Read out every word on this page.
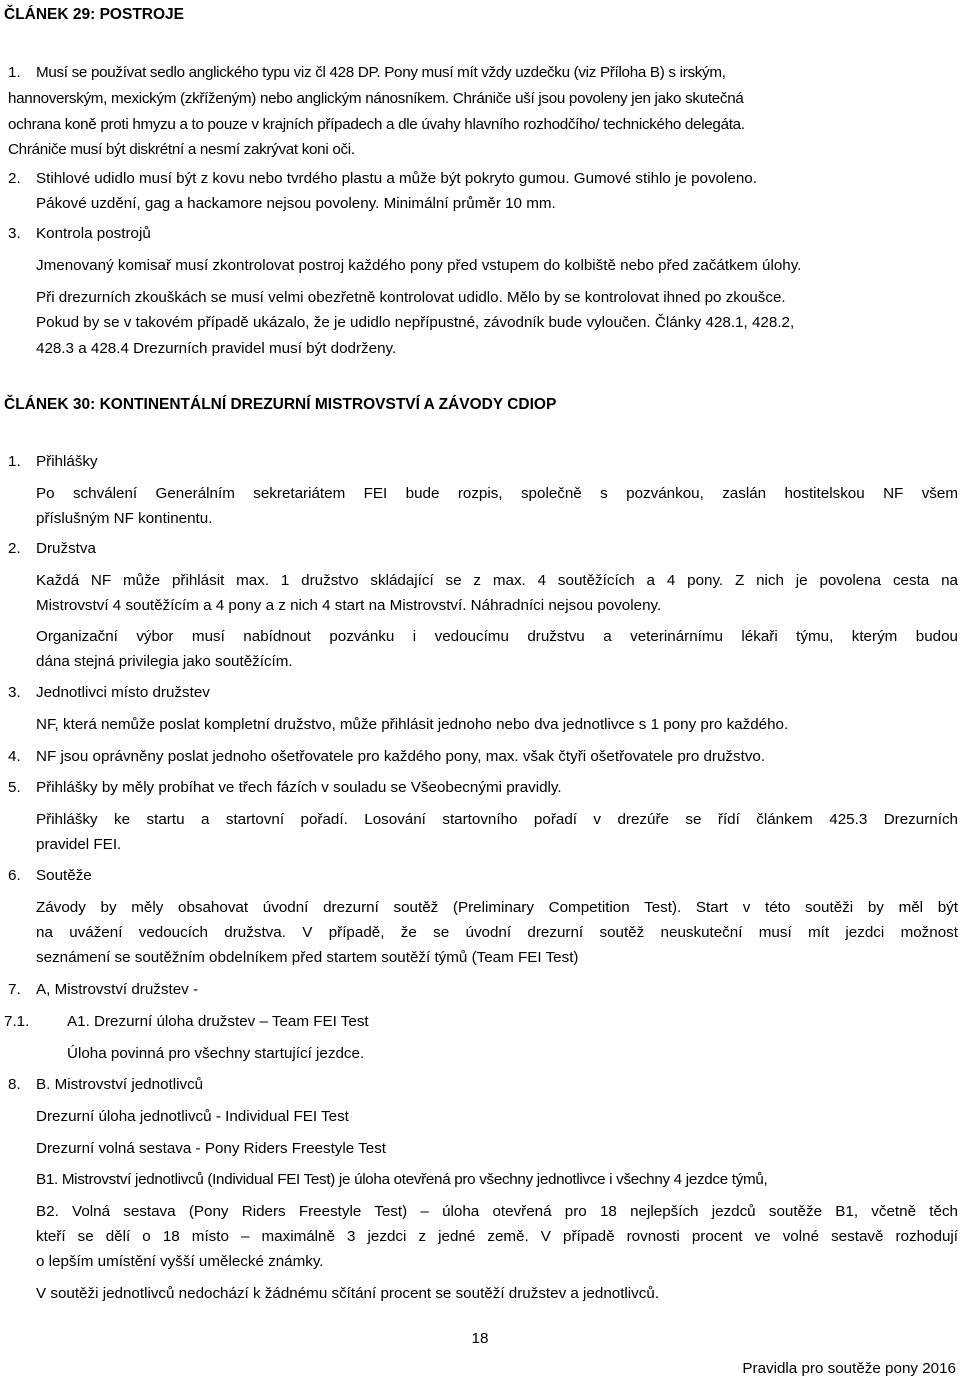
ČLÁNEK 29: POSTROJE
1. Musí se používat sedlo anglického typu viz čl 428 DP. Pony musí mít vždy uzdečku (viz Příloha B) s irským,
hannoverským, mexickým (zkříženým) nebo anglickým nánosníkem. Chrániče uší jsou povoleny jen jako skutečná
ochrana koně proti hmyzu a to pouze v krajních případech a dle úvahy hlavního rozhodčího/ technického delegáta.
Chrániče musí být diskrétní a nesmí zakrývat koni oči.
2. Stihlové udidlo musí být z kovu nebo tvrdého plastu a může být pokryto gumou. Gumové stihlo je povoleno.
Pákové uzdění, gag a hackamore nejsou povoleny. Minimální průměr 10 mm.
3. Kontrola postrojů
Jmenovaný komisař musí zkontrolovat postroj každého pony před vstupem do kolbiště nebo před začátkem úlohy.
Při drezurních zkouškách se musí velmi obezřetně kontrolovat udidlo. Mělo by se kontrolovat ihned po zkoušce.
Pokud by se v takovém případě ukázalo, že je udidlo nepřípustné, závodník bude vyloučen. Články 428.1, 428.2,
428.3 a 428.4 Drezurních pravidel musí být dodrženy.
ČLÁNEK 30: KONTINENTÁLNÍ DREZURNÍ MISTROVSTVÍ A ZÁVODY CDIOP
1. Přihlášky
Po schválení Generálním sekretariátem FEI bude rozpis, společně s pozvánkou, zaslán hostitelskou NF všem
příslušným NF kontinentu.
2. Družstva
Každá NF může přihlásit max. 1 družstvo skládající se z max. 4 soutěžících a 4 pony. Z nich je povolena cesta na
Mistrovství 4 soutěžícím a 4 pony a z nich 4 start na Mistrovství. Náhradníci nejsou povoleny.
Organizační výbor musí nabídnout pozvánku i vedoucímu družstvu a veterinárnímu lékaři týmu, kterým budou
dána stejná privilegia jako soutěžícím.
3. Jednotlivci místo družstev
NF, která nemůže poslat kompletní družstvo, může přihlásit jednoho nebo dva jednotlivce s 1 pony pro každého.
4. NF jsou oprávněny poslat jednoho ošetřovatele pro každého pony, max. však čtyři ošetřovatele pro družstvo.
5. Přihlášky by měly probíhat ve třech fázích v souladu se Všeobecnými pravidly.
Přihlášky ke startu a startovní pořadí. Losování startovního pořadí v drezúře se řídí článkem 425.3 Drezurních
pravidel FEI.
6. Soutěže
Závody by měly obsahovat úvodní drezurní soutěž (Preliminary Competition Test). Start v této soutěži by měl být
na uvážení vedoucích družstva. V případě, že se úvodní drezurní soutěž neuskuteční musí mít jezdci možnost
seznámení se soutěžním obdelníkem před startem soutěží týmů (Team FEI Test)
7. A, Mistrovství družstev -
7.1. A1. Drezurní úloha družstev – Team FEI Test
Úloha povinná pro všechny startující jezdce.
8. B. Mistrovství jednotlivců
Drezurní úloha jednotlivců - Individual FEI Test
Drezurní volná sestava - Pony Riders Freestyle Test
B1. Mistrovství jednotlivců (Individual FEI Test) je úloha otevřená pro všechny jednotlivce i všechny 4 jezdce týmů,
B2. Volná sestava (Pony Riders Freestyle Test) – úloha otevřená pro 18 nejlepších jezdců soutěže B1, včetně těch
kteří se dělí o 18 místo – maximálně 3 jezdci z jedné země. V případě rovnosti procent ve volné sestavě rozhodují
o lepším umístění vyšší umělecké známky.
V soutěži jednotlivců nedochází k žádnému sčítání procent se soutěží družstev a jednotlivců.
18
Pravidla pro soutěže pony 2016
